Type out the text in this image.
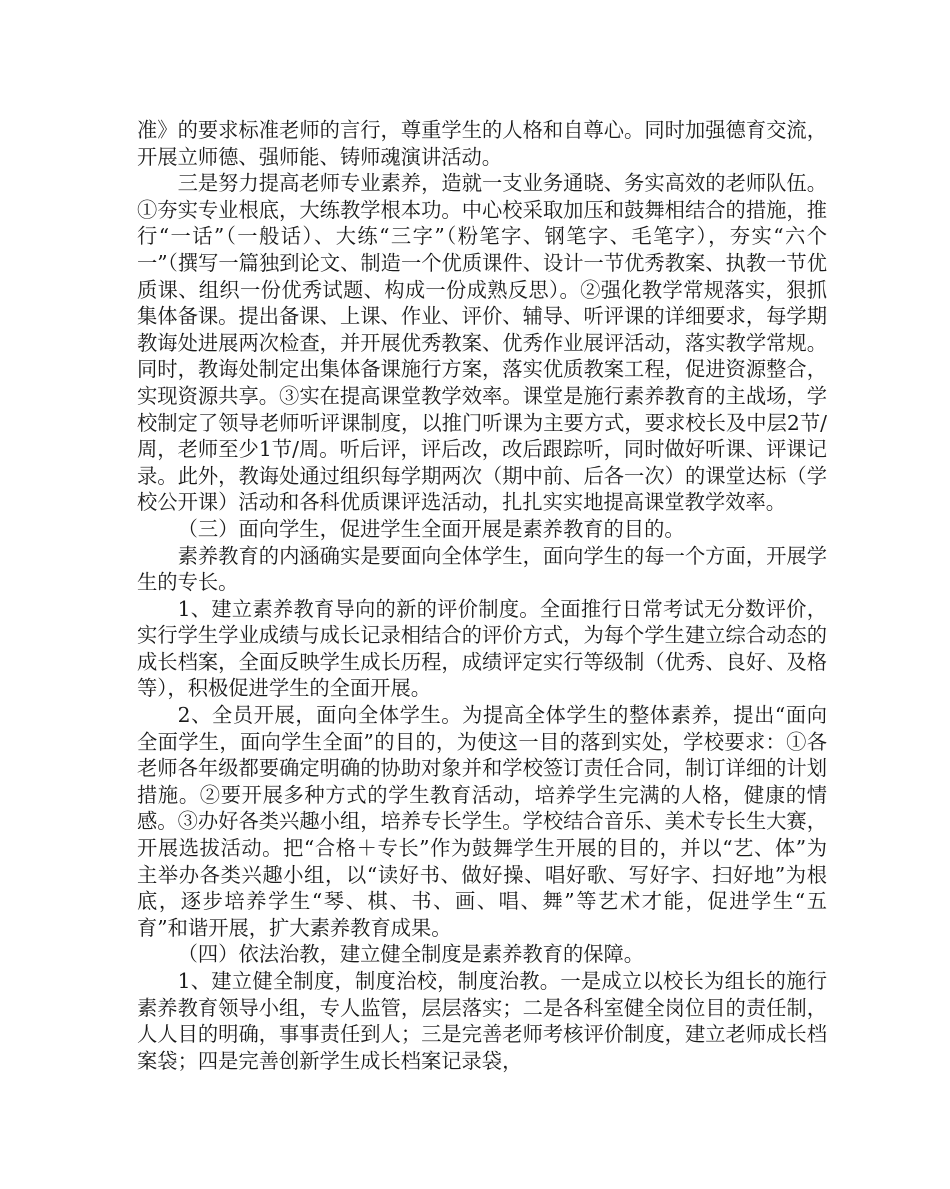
准》的要求标准老师的言行，尊重学生的人格和自尊心。同时加强德育交流，开展立师德、强师能、铸师魂演讲活动。

三是努力提高老师专业素养，造就一支业务通晓、务实高效的老师队伍。①夯实专业根底，大练教学根本功。中心校采取加压和鼓舞相结合的措施，推行“一话”（一般话）、大练“三字”（粉笔字、钢笔字、毛笔字），夯实“六个一”（撰写一篇独到论文、制造一个优质课件、设计一节优秀教案、执教一节优质课、组织一份优秀试题、构成一份成熟反思）。②强化教学常规落实，狠抓集体备课。提出备课、上课、作业、评价、辅导、听评课的详细要求，每学期教诲处进展两次检查，并开展优秀教案、优秀作业展评活动，落实教学常规。同时，教诲处制定出集体备课施行方案，落实优质教案工程，促进资源整合，实现资源共享。③实在提高课堂教学效率。课堂是施行素养教育的主战场，学校制定了领导老师听评课制度，以推门听课为主要方式，要求校长及中层2节/周，老师至少1节/周。听后评，评后改，改后跟踪听，同时做好听课、评课记录。此外，教诲处通过组织每学期两次（期中前、后各一次）的课堂达标（学校公开课）活动和各科优质课评选活动，扎扎实实地提高课堂教学效率。

（三）面向学生，促进学生全面开展是素养教育的目的。

素养教育的内涵确实是要面向全体学生，面向学生的每一个方面，开展学生的专长。

1、建立素养教育导向的新的评价制度。全面推行日常考试无分数评价，实行学生学业成绩与成长记录相结合的评价方式，为每个学生建立综合动态的成长档案，全面反映学生成长历程，成绩评定实行等级制（优秀、良好、及格等），积极促进学生的全面开展。

2、全员开展，面向全体学生。为提高全体学生的整体素养，提出“面向全面学生，面向学生全面”的目的，为使这一目的落到实处，学校要求：①各老师各年级都要确定明确的协助对象并和学校签订责任合同，制订详细的计划措施。②要开展多种方式的学生教育活动，培养学生完满的人格，健康的情感。③办好各类兴趣小组，培养专长学生。学校结合音乐、美术专长生大赛，开展选拔活动。把“合格＋专长”作为鼓舞学生开展的目的，并以“艺、体”为主举办各类兴趣小组，以“读好书、做好操、唱好歌、写好字、扫好地”为根底，逐步培养学生“琴、棋、书、画、唱、舞”等艺术才能，促进学生“五育”和谐开展，扩大素养教育成果。

（四）依法治教，建立健全制度是素养教育的保障。

1、建立健全制度，制度治校，制度治教。一是成立以校长为组长的施行素养教育领导小组，专人监管，层层落实；二是各科室健全岗位目的责任制，人人目的明确，事事责任到人；三是完善老师考核评价制度，建立老师成长档案袋；四是完善创新学生成长档案记录袋，
